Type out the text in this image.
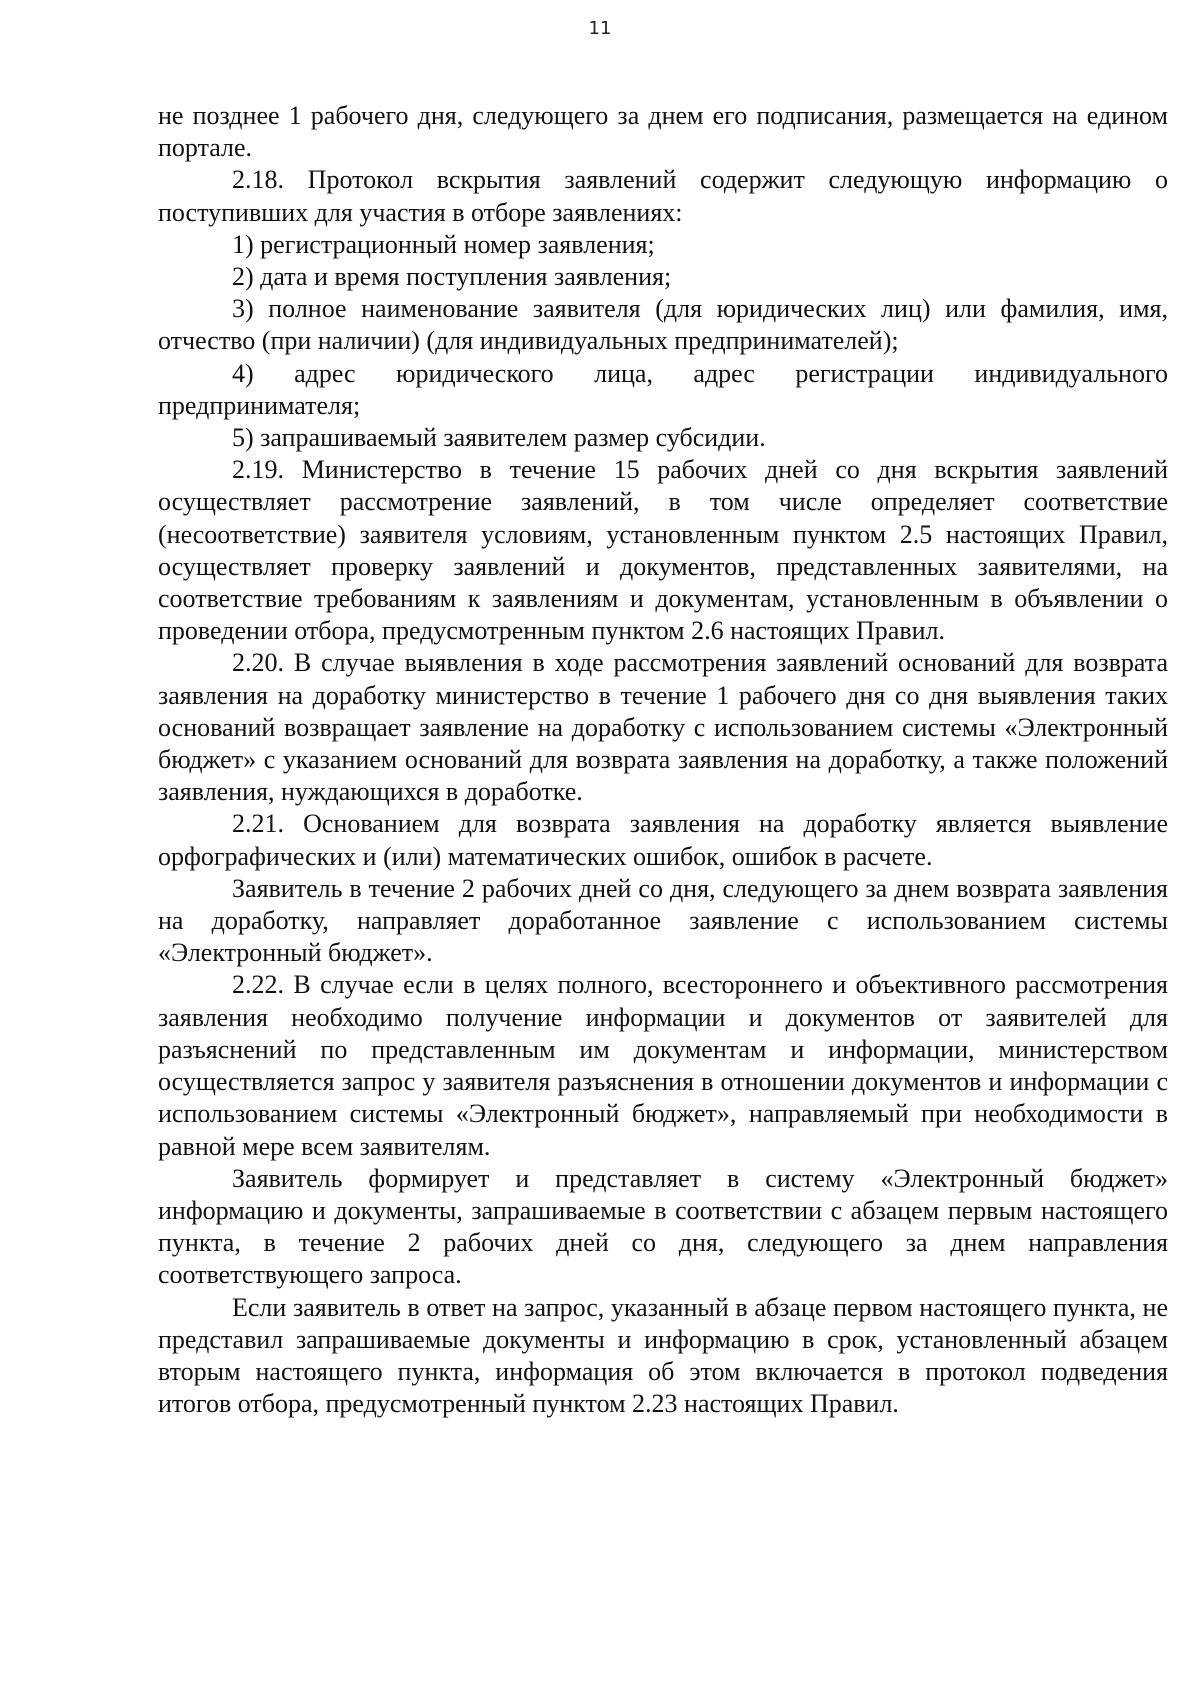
11

не позднее 1 рабочего дня, следующего за днем его подписания, размещается на едином портале.

2.18. Протокол вскрытия заявлений содержит следующую информацию о поступивших для участия в отборе заявлениях:

1) регистрационный номер заявления;

2) дата и время поступления заявления;

3) полное наименование заявителя (для юридических лиц) или фамилия, имя, отчество (при наличии) (для индивидуальных предпринимателей);

4) адрес юридического лица, адрес регистрации индивидуального предпринимателя;

5) запрашиваемый заявителем размер субсидии.

2.19. Министерство в течение 15 рабочих дней со дня вскрытия заявлений осуществляет рассмотрение заявлений, в том числе определяет соответствие (несоответствие) заявителя условиям, установленным пунктом 2.5 настоящих Правил, осуществляет проверку заявлений и документов, представленных заявителями, на соответствие требованиям к заявлениям и документам, установленным в объявлении о проведении отбора, предусмотренным пунктом 2.6 настоящих Правил.

2.20. В случае выявления в ходе рассмотрения заявлений оснований для возврата заявления на доработку министерство в течение 1 рабочего дня со дня выявления таких оснований возвращает заявление на доработку с использованием системы «Электронный бюджет» с указанием оснований для возврата заявления на доработку, а также положений заявления, нуждающихся в доработке.

2.21. Основанием для возврата заявления на доработку является выявление орфографических и (или) математических ошибок, ошибок в расчете.

Заявитель в течение 2 рабочих дней со дня, следующего за днем возврата заявления на доработку, направляет доработанное заявление с использованием системы «Электронный бюджет».

2.22. В случае если в целях полного, всестороннего и объективного рассмотрения заявления необходимо получение информации и документов от заявителей для разъяснений по представленным им документам и информации, министерством осуществляется запрос у заявителя разъяснения в отношении документов и информации с использованием системы «Электронный бюджет», направляемый при необходимости в равной мере всем заявителям.

Заявитель формирует и представляет в систему «Электронный бюджет» информацию и документы, запрашиваемые в соответствии с абзацем первым настоящего пункта, в течение 2 рабочих дней со дня, следующего за днем направления соответствующего запроса.

Если заявитель в ответ на запрос, указанный в абзаце первом настоящего пункта, не представил запрашиваемые документы и информацию в срок, установленный абзацем вторым настоящего пункта, информация об этом включается в протокол подведения итогов отбора, предусмотренный пунктом 2.23 настоящих Правил.
